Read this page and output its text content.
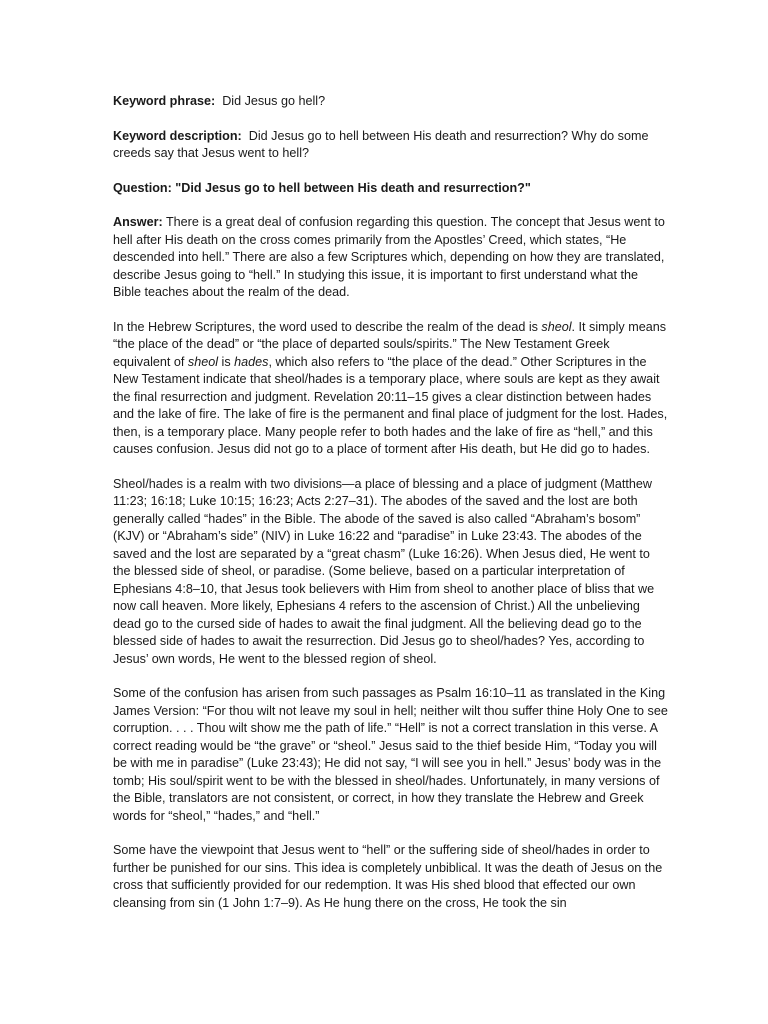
Keyword phrase: Did Jesus go hell?

Keyword description: Did Jesus go to hell between His death and resurrection? Why do some creeds say that Jesus went to hell?

Question: "Did Jesus go to hell between His death and resurrection?"

Answer: There is a great deal of confusion regarding this question. The concept that Jesus went to hell after His death on the cross comes primarily from the Apostles’ Creed, which states, “He descended into hell.” There are also a few Scriptures which, depending on how they are translated, describe Jesus going to “hell.” In studying this issue, it is important to first understand what the Bible teaches about the realm of the dead.

In the Hebrew Scriptures, the word used to describe the realm of the dead is sheol. It simply means “the place of the dead” or “the place of departed souls/spirits.” The New Testament Greek equivalent of sheol is hades, which also refers to “the place of the dead.” Other Scriptures in the New Testament indicate that sheol/hades is a temporary place, where souls are kept as they await the final resurrection and judgment. Revelation 20:11–15 gives a clear distinction between hades and the lake of fire. The lake of fire is the permanent and final place of judgment for the lost. Hades, then, is a temporary place. Many people refer to both hades and the lake of fire as “hell,” and this causes confusion. Jesus did not go to a place of torment after His death, but He did go to hades.

Sheol/hades is a realm with two divisions—a place of blessing and a place of judgment (Matthew 11:23; 16:18; Luke 10:15; 16:23; Acts 2:27–31). The abodes of the saved and the lost are both generally called “hades” in the Bible. The abode of the saved is also called “Abraham’s bosom” (KJV) or “Abraham’s side” (NIV) in Luke 16:22 and “paradise” in Luke 23:43. The abodes of the saved and the lost are separated by a “great chasm” (Luke 16:26). When Jesus died, He went to the blessed side of sheol, or paradise. (Some believe, based on a particular interpretation of Ephesians 4:8–10, that Jesus took believers with Him from sheol to another place of bliss that we now call heaven. More likely, Ephesians 4 refers to the ascension of Christ.) All the unbelieving dead go to the cursed side of hades to await the final judgment. All the believing dead go to the blessed side of hades to await the resurrection. Did Jesus go to sheol/hades? Yes, according to Jesus’ own words, He went to the blessed region of sheol.

Some of the confusion has arisen from such passages as Psalm 16:10–11 as translated in the King James Version: “For thou wilt not leave my soul in hell; neither wilt thou suffer thine Holy One to see corruption. . . . Thou wilt show me the path of life.” “Hell” is not a correct translation in this verse. A correct reading would be “the grave” or “sheol.” Jesus said to the thief beside Him, “Today you will be with me in paradise” (Luke 23:43); He did not say, “I will see you in hell.” Jesus’ body was in the tomb; His soul/spirit went to be with the blessed in sheol/hades. Unfortunately, in many versions of the Bible, translators are not consistent, or correct, in how they translate the Hebrew and Greek words for “sheol,” “hades,” and “hell.”

Some have the viewpoint that Jesus went to “hell” or the suffering side of sheol/hades in order to further be punished for our sins. This idea is completely unbiblical. It was the death of Jesus on the cross that sufficiently provided for our redemption. It was His shed blood that effected our own cleansing from sin (1 John 1:7–9). As He hung there on the cross, He took the sin
